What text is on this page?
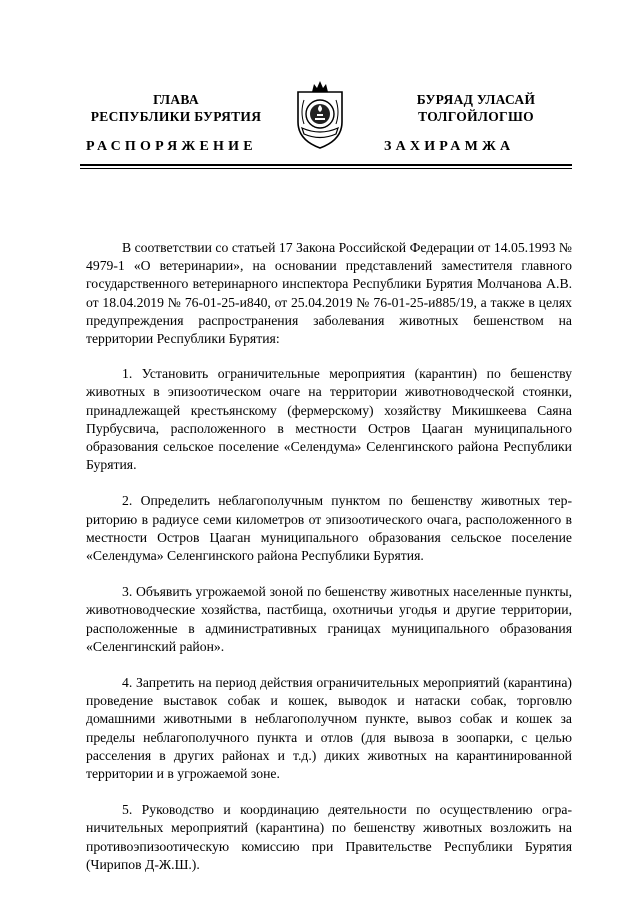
ГЛАВА
РЕСПУБЛИКИ БУРЯТИЯ
БУРЯАД УЛАСАЙ
ТОЛГОЙЛОГШО
РАСПОРЯЖЕНИЕ	ЗАХИРАМЖА

В соответствии со статьей 17 Закона Российской Федерации от 14.05.1993 № 4979-1 «О ветеринарии», на основании представлений заместителя главного государственного ветеринарного инспектора Республики Бурятия Молчанова А.В. от 18.04.2019 № 76-01-25-и840, от 25.04.2019 № 76-01-25-и885/19, а также в целях предупреждения распространения заболевания животных бешенством на территории Республики Бурятия:

1. Установить ограничительные мероприятия (карантин) по бешенству животных в эпизоотическом очаге на территории животноводческой стоянки, принадлежащей крестьянскому (фермерскому) хозяйству Микишкеева Саяна Пурбусвича, расположенного в местности Остров Цааган муниципального образования сельское поселение «Селендума» Селенгинского района Республики Бурятия.

2. Определить неблагополучным пунктом по бешенству животных территорию в радиусе семи километров от эпизоотического очага, расположенного в местности Остров Цааган муниципального образования сельское поселение «Селендума» Селенгинского района Республики Бурятия.

3. Объявить угрожаемой зоной по бешенству животных населенные пункты, животноводческие хозяйства, пастбища, охотничьи угодья и другие территории, расположенные в административных границах муниципального образования «Селенгинский район».

4. Запретить на период действия ограничительных мероприятий (карантина) проведение выставок собак и кошек, выводок и натаски собак, торговлю домашними животными в неблагополучном пункте, вывоз собак и кошек за пределы неблагополучного пункта и отлов (для вывоза в зоопарки, с целью расселения в других районах и т.д.) диких животных на карантинированной территории и в угрожаемой зоне.

5. Руководство и координацию деятельности по осуществлению ограничительных мероприятий (карантина) по бешенству животных возложить на противоэпизоотическую комиссию при Правительстве Республики Бурятия (Чирипов Д-Ж.Ш.).
